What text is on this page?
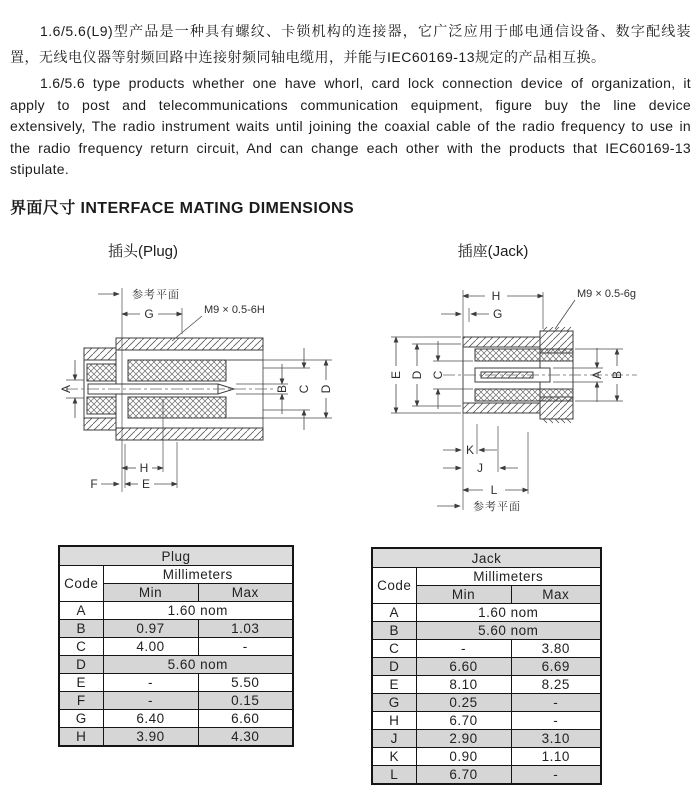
1.6/5.6(L9)型产品是一种具有螺纹、卡锁机构的连接器，它广泛应用于邮电通信设备、数字配线装置，无线电仪器等射频回路中连接射频同轴电缆用，并能与IEC60169-13规定的产品相互换。

1.6/5.6 type products whether one have whorl, card lock connection device of organization, it apply to post and telecommunications communication equipment, figure buy the line device extensively, The radio instrument waits until joining the coaxial cable of the radio frequency to use in the radio frequency return circuit, And can change each other with the products that IEC60169-13 stipulate.

界面尺寸 INTERFACE MATING DIMENSIONS
插头(Plug)	插座(Jack)
参考平面
M9 × 0.5-6H
G
A	B C D
H
E
F
H	M9 × 0.5-6g
G
E D C	A B
K
J
L
参考平面
Plug		
Code	Millimeters	
	Min	Max
A	1.60 nom	
B	0.97	1.03
C	4.00	-
D	5.60 nom	
E	-	5.50
F	-	0.15
G	6.40	6.60
H	3.90	4.30
Jack		
Code	Millimeters	
	Min	Max
A	1.60 nom	
B	5.60 nom	
C	-	3.80
D	6.60	6.69
E	8.10	8.25
G	0.25	-
H	6.70	-
J	2.90	3.10
K	0.90	1.10
L	6.70	-
